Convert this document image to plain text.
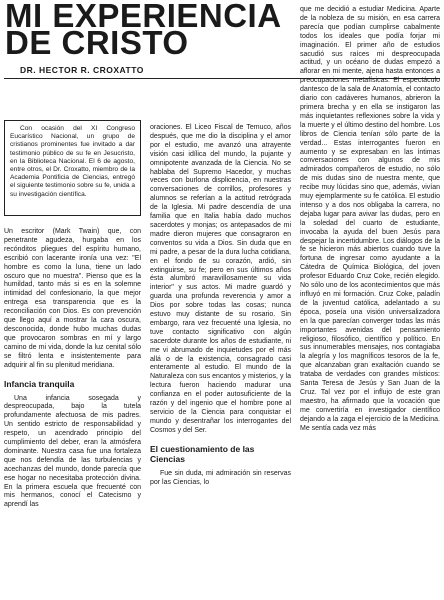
MI EXPERIENCIA
DE CRISTO
DR. HECTOR R. CROXATTO

Con ocasión del XI Congreso Eucarístico Nacional, un grupo de cristianos prominentes fue invitado a dar testimonio público de su fe en Jesucristo, en la Biblioteca Nacional. El 6 de agosto, entre otros, el Dr. Croxatto, miembro de la Academia Pontificia de Ciencias, entregó el siguiente testimonio sobre su fe, unida a su investigación científica.

Un escritor (Mark Twain) que, con penetrante agudeza, hurgaba en los recónditos pliegues del espíritu humano, escribió con lacerante ironía una vez: "El hombre es como la luna, tiene un lado oscuro que no muestra". Pienso que es la humildad, tanto más si es en la solemne intimidad del confesionario, la que mejor entrega esa transparencia que es la reconciliación con Dios. Es con prevención que llego aquí a mostrar la cara oscura, desconocida, donde hubo muchas dudas que provocaron sombras en mí y largo camino de mi vida, donde la luz cenital sólo se filtró lenta e insistentemente para adquirir al fin su plenitud meridiana.

Infancia tranquila

Una infancia sosegada y despreocupada, bajo la tutela profundamente afectuosa de mis padres. Un sentido estricto de responsabilidad y respeto, un acendrado principio del cumplimiento del deber, eran la atmósfera dominante. Nuestra casa fue una fortaleza que nos defendía de las turbulencias y acechanzas del mundo, donde parecía que ese hogar no necesitaba protección divina. En la primera escuela que frecuenté con mis hermanos, conocí el Catecismo y aprendí las

oraciones. El Liceo Fiscal de Temuco, años después, que me dio la disciplina y el amor por el estudio, me avanzó una atrayente visión casi idílica del mundo, la pujante y omnipotente avanzada de la Ciencia. No se hablaba del Supremo Hacedor, y muchas veces con burlona displicencia, en nuestras conversaciones de corrillos, profesores y alumnos se referían a la actitud retrógrada de la Iglesia. Mi padre descendía de una familia que en Italia había dado muchos sacerdotes y monjas; os antepasados de mi madre dieron mujeres que consagraron en conventos su vida a Dios. Sin duda que en mi padre, a pesar de la dura lucha cotidiana, en el fondo de su corazón, ardió, sin extinguirse, su fe; pero en sus últimos años ésta alumbró maravillosamente su vida interior" y sus actos. Mi madre guardó y guarda una profunda reverencia y amor a Dios por sobre todas las cosas; nunca estuvo muy distante de su rosario. Sin embargo, rara vez frecuenté una Iglesia, no tuve contacto significativo con algún sacerdote durante los años de estudiante, ni me vi abrumado de inquietudes por el más allá o de la existencia, consagrado casi enteramente al estudio. El mundo de la Naturaleza con sus encantos y misterios, y la lectura fueron haciendo madurar una confianza en el poder autosuficiente de la razón y del ingenio que el hombre pone al servicio de la Ciencia para conquistar el mundo y desentrañar los interrogantes del Cosmos y del Ser.

El cuestionamiento de las Ciencias

Fue sin duda, mi admiración sin reservas por las Ciencias, lo

que me decidió a estudiar Medicina. Aparte de la nobleza de su misión, en esa carrera parecía que podían cumplirse cabalmente todos los ideales que podía forjar mi imaginación. El primer año de estudios sacudió sus raíces mi despreocupada actitud, y un océano de dudas empezó a aflorar en mi mente, ajena hasta entonces a preocupaciones metafísicas. El espectáculo dantesco de la sala de Anatomía, el contacto diario con cadáveres humanos, abrieron la primera brecha y en ella se instigaron las más inquietantes reflexiones sobre la vida y la muerte y el último destino del hombre. Los libros de Ciencia tenían sólo parte de la verdad... Estas interrogantes fueron en aumento y se expresaban en las íntimas conversaciones con algunos de mis admirados compañeros de estudio, no sólo de mis dudas sino de nuestra mente, que recibe muy lúcidas sino que, además, vivían muy ejemplarmente su fe católica. El estudio intenso y a dos nos obligaba la carrera, no dejaba lugar para avivar las dudas, pero en la soledad del cuarto de estudiante, invocaba la ayuda del buen Jesús para despejar la incertidumbre. Los diálogos de la fe se hicieron más abiertos cuando tuve la fortuna de ingresar como ayudante a la Cátedra de Química Biológica, del joven profesor Eduardo Cruz Coke, recién elegido. No sólo uno de los acontecimientos que más influyó en mi formación. Cruz Coke, paladín de la juventud católica, adelantado a su época, poseía una visión universalizadora en la que parecían converger todas las más importantes avenidas del pensamiento religioso, filosófico, científico y político. En sus innumerables mensajes, nos contagiaba la alegría y los magníficos tesoros de la fe, que alcanzaban gran exaltación cuando se trataba de verdades con grandes místicos: Santa Teresa de Jesús y San Juan de la Cruz. Tal vez por el influjo de este gran maestro, ha afirmado que la vocación que me convertiría en investigador científico dejando a la zaga el ejercicio de la Medicina. Me sentía cada vez más
